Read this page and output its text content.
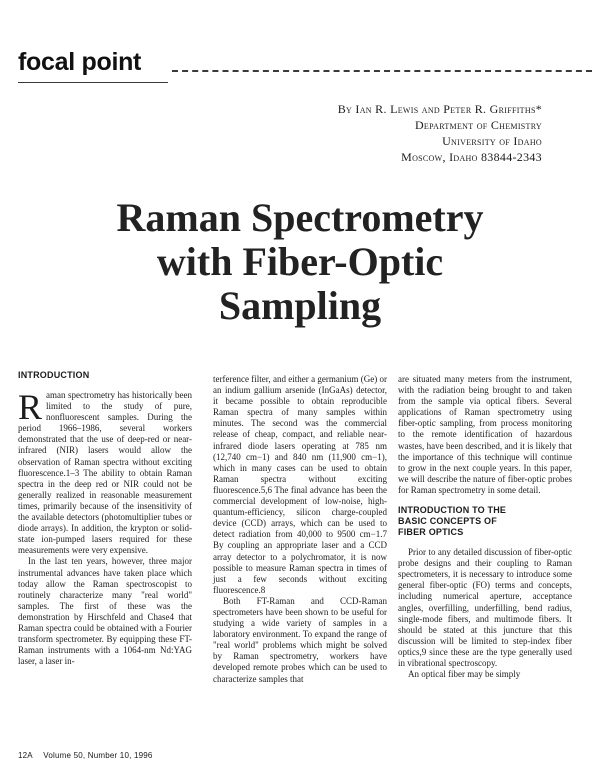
focal point
By Ian R. Lewis and Peter R. Griffiths*
Department of Chemistry
University of Idaho
Moscow, Idaho 83844-2343
Raman Spectrometry
with Fiber-Optic
Sampling
INTRODUCTION

Raman spectrometry has historically been limited to the study of pure, nonfluorescent samples. During the period 1966–1986, several workers demonstrated that the use of deep-red or near-infrared (NIR) lasers would allow the observation of Raman spectra without exciting fluorescence.1–3 The ability to obtain Raman spectra in the deep red or NIR could not be generally realized in reasonable measurement times, primarily because of the insensitivity of the available detectors (photomultiplier tubes or diode arrays). In addition, the krypton or solid-state ion-pumped lasers required for these measurements were very expensive.

In the last ten years, however, three major instrumental advances have taken place which today allow the Raman spectroscopist to routinely characterize many "real world" samples. The first of these was the demonstration by Hirschfeld and Chase4 that Raman spectra could be obtained with a Fourier transform spectrometer. By equipping these FT-Raman instruments with a 1064-nm Nd:YAG laser, a laser in-

terference filter, and either a germanium (Ge) or an indium gallium arsenide (InGaAs) detector, it became possible to obtain reproducible Raman spectra of many samples within minutes. The second was the commercial release of cheap, compact, and reliable near-infrared diode lasers operating at 785 nm (12,740 cm−1) and 840 nm (11,900 cm−1), which in many cases can be used to obtain Raman spectra without exciting fluorescence.5,6 The final advance has been the commercial development of low-noise, high-quantum-efficiency, silicon charge-coupled device (CCD) arrays, which can be used to detect radiation from 40,000 to 9500 cm−1.7 By coupling an appropriate laser and a CCD array detector to a polychromator, it is now possible to measure Raman spectra in times of just a few seconds without exciting fluorescence.8

Both FT-Raman and CCD-Raman spectrometers have been shown to be useful for studying a wide variety of samples in a laboratory environment. To expand the range of "real world" problems which might be solved by Raman spectrometry, workers have developed remote probes which can be used to characterize samples that

are situated many meters from the instrument, with the radiation being brought to and taken from the sample via optical fibers. Several applications of Raman spectrometry using fiber-optic sampling, from process monitoring to the remote identification of hazardous wastes, have been described, and it is likely that the importance of this technique will continue to grow in the next couple years. In this paper, we will describe the nature of fiber-optic probes for Raman spectrometry in some detail.

INTRODUCTION TO THE
BASIC CONCEPTS OF
FIBER OPTICS

Prior to any detailed discussion of fiber-optic probe designs and their coupling to Raman spectrometers, it is necessary to introduce some general fiber-optic (FO) terms and concepts, including numerical aperture, acceptance angles, overfilling, underfilling, bend radius, single-mode fibers, and multimode fibers. It should be stated at this juncture that this discussion will be limited to step-index fiber optics,9 since these are the type generally used in vibrational spectroscopy.

An optical fiber may be simply

12A Volume 50, Number 10, 1996
